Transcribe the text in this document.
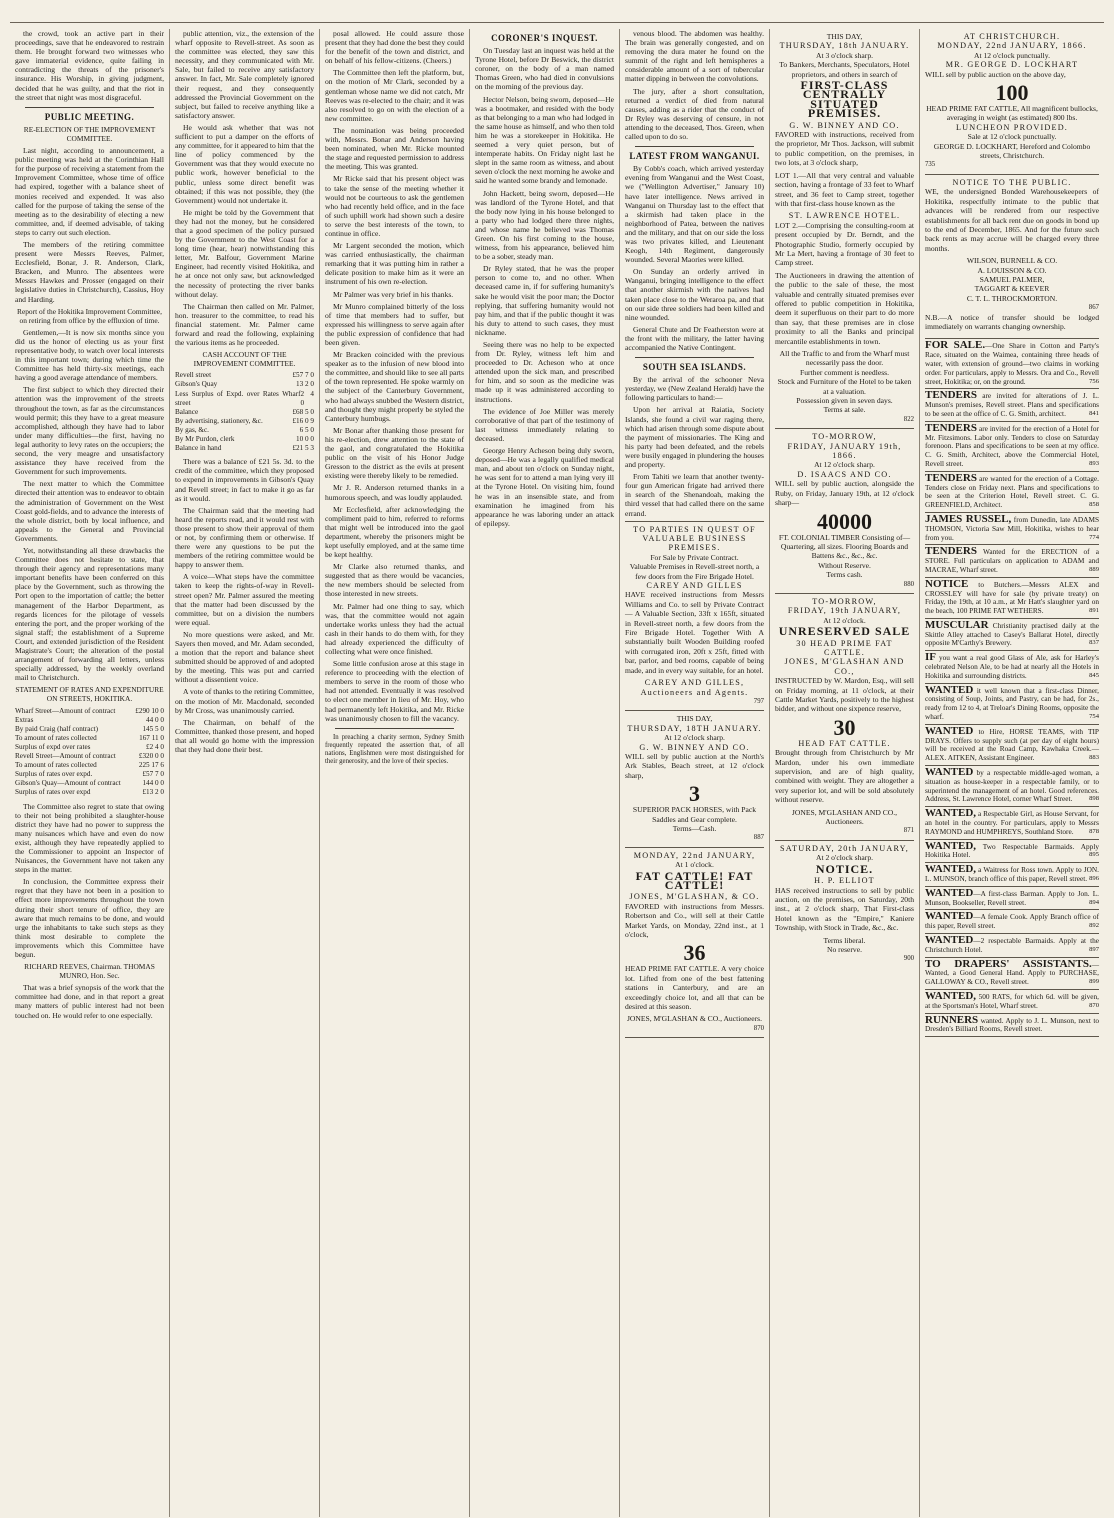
the crowd, took an active part in their proceedings, save that he endeavored to restrain them. He brought forward two witnesses who gave immaterial evidence, quite failing in contradicting the threats of the prisoner's insurance. His Worship, in giving judgment, decided that he was guilty, and that the riot in the street that night was most disgraceful.

PUBLIC MEETING.

RE-ELECTION OF THE IMPROVEMENT COMMITTEE.

Last night, according to announcement, a public meeting was held at the Corinthian Hall for the purpose of receiving a statement from the Improvement Committee, whose time of office had expired, together with a balance sheet of monies received and expended. It was also called for the purpose of taking the sense of the meeting as to the desirability of electing a new committee, and, if deemed advisable, of taking steps to carry out such election.

The members of the retiring committee present were Messrs Reeves, Palmer, Ecclesfield, Bonar, J. R. Anderson, Clark, Bracken, and Munro. The absentees were Messrs Hawkes and Prosser (engaged on their legislative duties in Christchurch), Cassius, Hoy and Harding.

Report of the Hokitika Improvement Committee, on retiring from office by the effluxion of time.

Gentlemen,—It is now six months since you did us the honor of electing us as your first representative body, to watch over local interests in this important town; during which time the Committee has held thirty-six meetings, each having a good average attendance of members.

The first subject to which they directed their attention was the improvement of the streets throughout the town, as far as the circumstances would permit; this they have to a great measure accomplished, although they have had to labor under many difficulties—the first, having no legal authority to levy rates on the occupiers; the second, the very meagre and unsatisfactory assistance they have received from the Government for such improvements.

The next matter to which the Committee directed their attention was to endeavor to obtain the administration of Government on the West Coast gold-fields, and to advance the interests of the whole district, both by local influence, and appeals to the General and Provincial Governments.

Yet, notwithstanding all these drawbacks the Committee does not hesitate to state, that through their agency and representations many important benefits have been conferred on this place by the Government, such as throwing the Port open to the importation of cattle; the better management of the Harbor Department, as regards licences for the pilotage of vessels entering the port, and the proper working of the signal staff; the establishment of a Supreme Court, and extended jurisdiction of the Resident Magistrate's Court; the alteration of the postal arrangement of forwarding all letters, unless specially addressed, by the weekly overland mail to Christchurch.

STATEMENT OF RATES AND EXPENDITURE ON STREETS, HOKITIKA.

Wharf Street—Amount of contract	£290 10 0
Extras	44 0 0
By paid Craig (half contract)	145 5 0
To amount of rates collected	167 11 0
Surplus of expd over rates	£2 4 0
Revell Street—Amount of contract	£320 0 0
To amount of rates collected	225 17 6
Surplus of rates over expd.	£57 7 0
Gibson's Quay—Amount of contract	144 0 0
Surplus of rates over expd	£13 2 0

The Committee also regret to state that owing to their not being prohibited a slaughter-house district they have had no power to suppress the many nuisances which have and even do now exist, although they have repeatedly applied to the Commissioner to appoint an Inspector of Nuisances, the Government have not taken any steps in the matter.

In conclusion, the Committee express their regret that they have not been in a position to effect more improvements throughout the town during their short tenure of office, they are aware that much remains to be done, and would urge the inhabitants to take such steps as they think most desirable to complete the improvements which this Committee have begun.

RICHARD REEVES, Chairman. THOMAS MUNRO, Hon. Sec.

That was a brief synopsis of the work that the committee had done, and in that report a great many matters of public interest had not been touched on. He would refer to one especially.

public attention, viz., the extension of the wharf opposite to Revell-street. As soon as the committee was elected, they saw this necessity, and they communicated with Mr. Sale, but failed to receive any satisfactory answer. In fact, Mr. Sale completely ignored their request, and they consequently addressed the Provincial Government on the subject, but failed to receive anything like a satisfactory answer.

He would ask whether that was not sufficient to put a damper on the efforts of any committee, for it appeared to him that the line of policy commenced by the Government was that they would execute no public work, however beneficial to the public, unless some direct benefit was obtained; if this was not possible, they (the Government) would not undertake it.

He might be told by the Government that they had not the money, but he considered that a good specimen of the policy pursued by the Government to the West Coast for a long time (hear, hear) notwithstanding this letter, Mr. Balfour, Government Marine Engineer, had recently visited Hokitika, and he at once not only saw, but acknowledged the necessity of protecting the river banks without delay.

The Chairman then called on Mr. Palmer, hon. treasurer to the committee, to read his financial statement. Mr. Palmer came forward and read the following, explaining the various items as he proceeded.

CASH ACCOUNT OF THE IMPROVEMENT COMMITTEE.

Revell street	£57 7 0
Gibson's Quay	13 2 0
Less Surplus of Expd. over Rates Wharf street
2 4 0
Balance	£68 5 0
By advertising, stationery, &c.	£16 0 9
By gas, &c.	6 5 0
By Mr Purdon, clerk	10 0 0
Balance in hand	£21 5 3

There was a balance of £21 5s. 3d. to the credit of the committee, which they proposed to expend in improvements in Gibson's Quay and Revell street; in fact to make it go as far as it would.

The Chairman said that the meeting had heard the reports read, and it would rest with those present to show their approval of them or not, by confirming them or otherwise. If there were any questions to be put the members of the retiring committee would be happy to answer them.

A voice—What steps have the committee taken to keep the rights-of-way in Revell-street open? Mr. Palmer assured the meeting that the matter had been discussed by the committee, but on a division the numbers were equal.

No more questions were asked, and Mr. Sayers then moved, and Mr. Adam seconded, a motion that the report and balance sheet submitted should be approved of and adopted by the meeting. This was put and carried without a dissentient voice.

A vote of thanks to the retiring Committee, on the motion of Mr. Macdonald, seconded by Mr Cross, was unanimously carried.

The Chairman, on behalf of the Committee, thanked those present, and hoped that all would go home with the impression that they had done their best.

posal allowed. He could assure those present that they had done the best they could for the benefit of the town and district, and on behalf of his fellow-citizens. (Cheers.)

The Committee then left the platform, but, on the motion of Mr Clark, seconded by a gentleman whose name we did not catch, Mr Reeves was re-elected to the chair; and it was also resolved to go on with the election of a new committee.

The nomination was being proceeded with, Messrs. Bonar and Anderson having been nominated, when Mr. Ricke mounted the stage and requested permission to address the meeting. This was granted.

Mr Ricke said that his present object was to take the sense of the meeting whether it would not be courteous to ask the gentlemen who had recently held office, and in the face of such uphill work had shown such a desire to serve the best interests of the town, to continue in office.

Mr Largent seconded the motion, which was carried enthusiastically, the chairman remarking that it was putting him in rather a delicate position to make him as it were an instrument of his own re-election.

Mr Palmer was very brief in his thanks.

Mr Munro complained bitterly of the loss of time that members had to suffer, but expressed his willingness to serve again after the public expression of confidence that had been given.

Mr Bracken coincided with the previous speaker as to the infusion of new blood into the committee, and should like to see all parts of the town represented. He spoke warmly on the subject of the Canterbury Government, who had always snubbed the Western district, and thought they might properly be styled the Canterbury humbugs.

Mr Bonar after thanking those present for his re-election, drew attention to the state of the gaol, and congratulated the Hokitika public on the visit of his Honor Judge Gresson to the district as the evils at present existing were thereby likely to be remedied.

Mr J. R. Anderson returned thanks in a humorous speech, and was loudly applauded.

Mr Ecclesfield, after acknowledging the compliment paid to him, referred to reforms that might well be introduced into the gaol department, whereby the prisoners might be kept usefully employed, and at the same time be kept healthy.

Mr Clarke also returned thanks, and suggested that as there would be vacancies, the new members should be selected from those interested in new streets.

Mr. Palmer had one thing to say, which was, that the committee would not again undertake works unless they had the actual cash in their hands to do them with, for they had already experienced the difficulty of collecting what were once finished.

Some little confusion arose at this stage in reference to proceeding with the election of members to serve in the room of those who had not attended. Eventually it was resolved to elect one member in lieu of Mr. Hoy, who had permanently left Hokitika, and Mr. Ricke was unanimously chosen to fill the vacancy.

In preaching a charity sermon, Sydney Smith frequently repeated the assertion that, of all nations, Englishmen were most distinguished for their generosity, and the love of their species.

CORONER'S INQUEST.

On Tuesday last an inquest was held at the Tyrone Hotel, before Dr Beswick, the district coroner, on the body of a man named Thomas Green, who had died in convulsions on the morning of the previous day.

Hector Nelson, being sworn, deposed—He was a bootmaker, and resided with the body as that belonging to a man who had lodged in the same house as himself, and who then told him he was a storekeeper in Hokitika. He seemed a very quiet person, but of intemperate habits. On Friday night last he slept in the same room as witness, and about seven o'clock the next morning he awoke and said he wanted some brandy and lemonade.

John Hackett, being sworn, deposed—He was landlord of the Tyrone Hotel, and that the body now lying in his house belonged to a party who had lodged there three nights, and whose name he believed was Thomas Green. On his first coming to the house, witness, from his appearance, believed him to be a sober, steady man.

Dr Ryley stated, that he was the proper person to come to, and no other. When deceased came in, if for suffering humanity's sake he would visit the poor man; the Doctor replying, that suffering humanity would not pay him, and that if the public thought it was his duty to attend to such cases, they must nickname.

Seeing there was no help to be expected from Dr. Ryley, witness left him and proceeded to Dr. Acheson who at once attended upon the sick man, and prescribed for him, and so soon as the medicine was made up it was administered according to instructions.

The evidence of Joe Miller was merely corroborative of that part of the testimony of last witness immediately relating to deceased.

George Henry Acheson being duly sworn, deposed—He was a legally qualified medical man, and about ten o'clock on Sunday night, he was sent for to attend a man lying very ill at the Tyrone Hotel. On visiting him, found he was in an insensible state, and from examination he imagined from his appearance he was laboring under an attack of epilepsy.

venous blood. The abdomen was healthy. The brain was generally congested, and on removing the dura mater he found on the summit of the right and left hemispheres a considerable amount of a sort of tubercular matter dipping in between the convolutions.

The jury, after a short consultation, returned a verdict of died from natural causes, adding as a rider that the conduct of Dr Ryley was deserving of censure, in not attending to the deceased, Thos. Green, when called upon to do so.

LATEST FROM WANGANUI.

By Cobb's coach, which arrived yesterday evening from Wanganui and the West Coast, we ("Wellington Advertiser," January 10) have later intelligence. News arrived in Wanganui on Thursday last to the effect that a skirmish had taken place in the neighborhood of Patea, between the natives and the military, and that on our side the loss was two privates killed, and Lieutenant Keogh, 14th Regiment, dangerously wounded. Several Maories were killed.

On Sunday an orderly arrived in Wanganui, bringing intelligence to the effect that another skirmish with the natives had taken place close to the Weraroa pa, and that on our side three soldiers had been killed and nine wounded.

General Chute and Dr Featherston were at the front with the military, the latter having accompanied the Native Contingent.

SOUTH SEA ISLANDS.

By the arrival of the schooner Neva yesterday, we (New Zealand Herald) have the following particulars to hand:—

Upon her arrival at Raiatia, Society Islands, she found a civil war raging there, which had arisen through some dispute about the payment of missionaries. The King and his party had been defeated, and the rebels were busily engaged in plundering the houses and property.

From Tahiti we learn that another twenty-four gun American frigate had arrived there in search of the Shenandoah, making the third vessel that had called there on the same errand.

TO PARTIES IN QUEST OF VALUABLE BUSINESS PREMISES.
For Sale by Private Contract.
Valuable Premises in Revell-street north, a few doors from the Fire Brigade Hotel.
CAREY AND GILLES

HAVE received instructions from Messrs Williams and Co. to sell by Private Contract— A Valuable Section, 33ft x 165ft, situated in Revell-street north, a few doors from the Fire Brigade Hotel. Together With A substantially built Wooden Building roofed with corrugated iron, 20ft x 25ft, fitted with bar, parlor, and bed rooms, capable of being made, and in every way suitable, for an hotel.

CAREY AND GILLES, Auctioneers and Agents.
797
THIS DAY,
THURSDAY, 18TH JANUARY.
At 12 o'clock sharp.
G. W. BINNEY AND CO.

WILL sell by public auction at the North's Ark Stables, Beach street, at 12 o'clock sharp,

3
SUPERIOR PACK HORSES, with Pack Saddles and Gear complete.
Terms—Cash.
887
MONDAY, 22nd JANUARY,
At 1 o'clock.
FAT CATTLE! FAT CATTLE!
JONES, M'GLASHAN, & CO.

FAVORED with instructions from Messrs. Robertson and Co., will sell at their Cattle Market Yards, on Monday, 22nd inst., at 1 o'clock,

36

HEAD PRIME FAT CATTLE. A very choice lot. Lifted from one of the best fattening stations in Canterbury, and are an exceedingly choice lot, and all that can be desired at this season.

JONES, M'GLASHAN & CO., Auctioneers.
870
THIS DAY,
THURSDAY, 18th JANUARY.
At 3 o'clock sharp.
To Bankers, Merchants, Speculators, Hotel proprietors, and others in search of
FIRST-CLASS CENTRALLY SITUATED PREMISES.
G. W. BINNEY AND CO.

FAVORED with instructions, received from the proprietor, Mr Thos. Jackson, will submit to public competition, on the premises, in two lots, at 3 o'clock sharp,

LOT 1.—All that very central and valuable section, having a frontage of 33 feet to Wharf street, and 36 feet to Camp street, together with that first-class house known as the

ST. LAWRENCE HOTEL.

LOT 2.—Comprising the consulting-room at present occupied by Dr. Berndt, and the Photographic Studio, formerly occupied by Mr La Mert, having a frontage of 30 feet to Camp street.

The Auctioneers in drawing the attention of the public to the sale of these, the most valuable and centrally situated premises ever offered to public competition in Hokitika, deem it superfluous on their part to do more than say, that these premises are in close proximity to all the Banks and principal mercantile establishments in town.

All the Traffic to and from the Wharf must necessarily pass the door.
Further comment is needless.
Stock and Furniture of the Hotel to be taken at a valuation.
Possession given in seven days.
Terms at sale.
822
TO-MORROW,
FRIDAY, JANUARY 19th, 1866.
At 12 o'clock sharp.
D. ISAACS AND CO.

WILL sell by public auction, alongside the Ruby, on Friday, January 19th, at 12 o'clock sharp—

40000
FT. COLONIAL TIMBER Consisting of—Quartering, all sizes. Flooring Boards and Battens &c., &c., &c.
Without Reserve.
Terms cash.
880
TO-MORROW,
FRIDAY, 19th JANUARY,
At 12 o'clock.
UNRESERVED SALE
30 HEAD PRIME FAT CATTLE.
JONES, M'GLASHAN AND CO.,

INSTRUCTED by W. Mardon, Esq., will sell on Friday morning, at 11 o'clock, at their Cattle Market Yards, positively to the highest bidder, and without one sixpence reserve,

30
HEAD FAT CATTLE.

Brought through from Christchurch by Mr Mardon, under his own immediate supervision, and are of high quality, combined with weight. They are altogether a very superior lot, and will be sold absolutely without reserve.

JONES, M'GLASHAN AND CO., Auctioneers.
871
SATURDAY, 20th JANUARY,
At 2 o'clock sharp.
NOTICE.
H. P. ELLIOT

HAS received instructions to sell by public auction, on the premises, on Saturday, 20th inst., at 2 o'clock sharp, That First-class Hotel known as the "Empire," Kaniere Township, with Stock in Trade, &c., &c.

Terms liberal.
No reserve.
900
AT CHRISTCHURCH.
MONDAY, 22nd JANUARY, 1866.
At 12 o'clock punctually.
MR. GEORGE D. LOCKHART

WILL sell by public auction on the above day,

100
HEAD PRIME FAT CATTLE, All magnificent bullocks, averaging in weight (as estimated) 800 lbs.
LUNCHEON PROVIDED.
Sale at 12 o'clock punctually.
GEORGE D. LOCKHART, Hereford and Colombo streets, Christchurch.
735
NOTICE TO THE PUBLIC.

WE, the undersigned Bonded Warehousekeepers of Hokitika, respectfully intimate to the public that advances will be rendered from our respective establishments for all back rent due on goods in bond up to the end of December, 1865. And for the future such back rents as may accrue will be charged every three months.

WILSON, BURNELL & CO.
A. LOUISSON & CO.
SAMUEL PALMER,
TAGGART & KEEVER
C. T. L. THROCKMORTON.
867

N.B.—A notice of transfer should be lodged immediately on warrants changing ownership.

FOR SALE.—One Share in Cotton and Party's Race, situated on the Waimea, containing three heads of water, with extension of ground—two claims in working order. For particulars, apply to Messrs. Ora and Co., Revell street, Hokitika; or, on the ground.	756
TENDERS are invited for alterations of J. L. Munson's premises, Revell street. Plans and specifications to be seen at the office of C. G. Smith, architect.	841
TENDERS are invited for the erection of a Hotel for Mr. Fitzsimons. Labor only. Tenders to close on Saturday forenoon. Plans and specifications to be seen at my office. C. G. Smith, Architect, above the Commercial Hotel, Revell street.	893
TENDERS are wanted for the erection of a Cottage. Tenders close on Friday next. Plans and specifications to be seen at the Criterion Hotel, Revell street. C. G. GREENFIELD, Architect.	858
JAMES RUSSEL, from Dunedin, late ADAMS THOMSON, Victoria Saw Mill, Hokitika, wishes to hear from you.	774
TENDERS Wanted for the ERECTION of a STORE. Full particulars on application to ADAM and MACRAE, Wharf street.	889
NOTICE to Butchers.—Messrs ALEX and CROSSLEY will have for sale (by private treaty) on Friday, the 19th, at 10 a.m., at Mr Hatt's slaughter yard on the beach, 100 PRIME FAT WETHERS.	891
MUSCULAR Christianity practised daily at the Skittle Alley attached to Casey's Ballarat Hotel, directly opposite M'Carthy's Brewery.	837
IF you want a real good Glass of Ale, ask for Harley's celebrated Nelson Ale, to be had at nearly all the Hotels in Hokitika and surrounding districts.	845
WANTED it well known that a first-class Dinner, consisting of Soup, Joints, and Pastry, can be had, for 2s., ready from 12 to 4, at Treloar's Dining Rooms, opposite the wharf.	754
WANTED to Hire, HORSE TEAMS, with TIP DRAYS. Offers to supply such (at per day of eight hours) will be received at the Road Camp, Kawhaka Creek.—ALEX. AITKEN, Assistant Engineer.	883
WANTED by a respectable middle-aged woman, a situation as house-keeper in a respectable family, or to superintend the management of an hotel. Good references. Address, St. Lawrence Hotel, corner Wharf Street.	898
WANTED, a Respectable Girl, as House Servant, for an hotel in the country. For particulars, apply to Messrs RAYMOND and HUMPHREYS, Southland Store. 878
WANTED, Two Respectable Barmaids. Apply Hokitika Hotel.	895
WANTED, a Waitress for Ross town. Apply to JON. L. MUNSON, branch office of this paper, Revell street. 896
WANTED—A first-class Barman. Apply to Jon. L. Munson, Bookseller, Revell street.	894
WANTED—A female Cook. Apply Branch office of this paper, Revell street.	892
WANTED—2 respectable Barmaids. Apply at the Christchurch Hotel.	897
TO DRAPERS' ASSISTANTS.—Wanted, a Good General Hand. Apply to PURCHASE, GALLOWAY & CO., Revell street.	899
WANTED, 500 RATS, for which 6d. will be given, at the Sportsman's Hotel, Wharf street.	870
RUNNERS wanted. Apply to J. L. Munson, next to Dresden's Billiard Rooms, Revell street.
